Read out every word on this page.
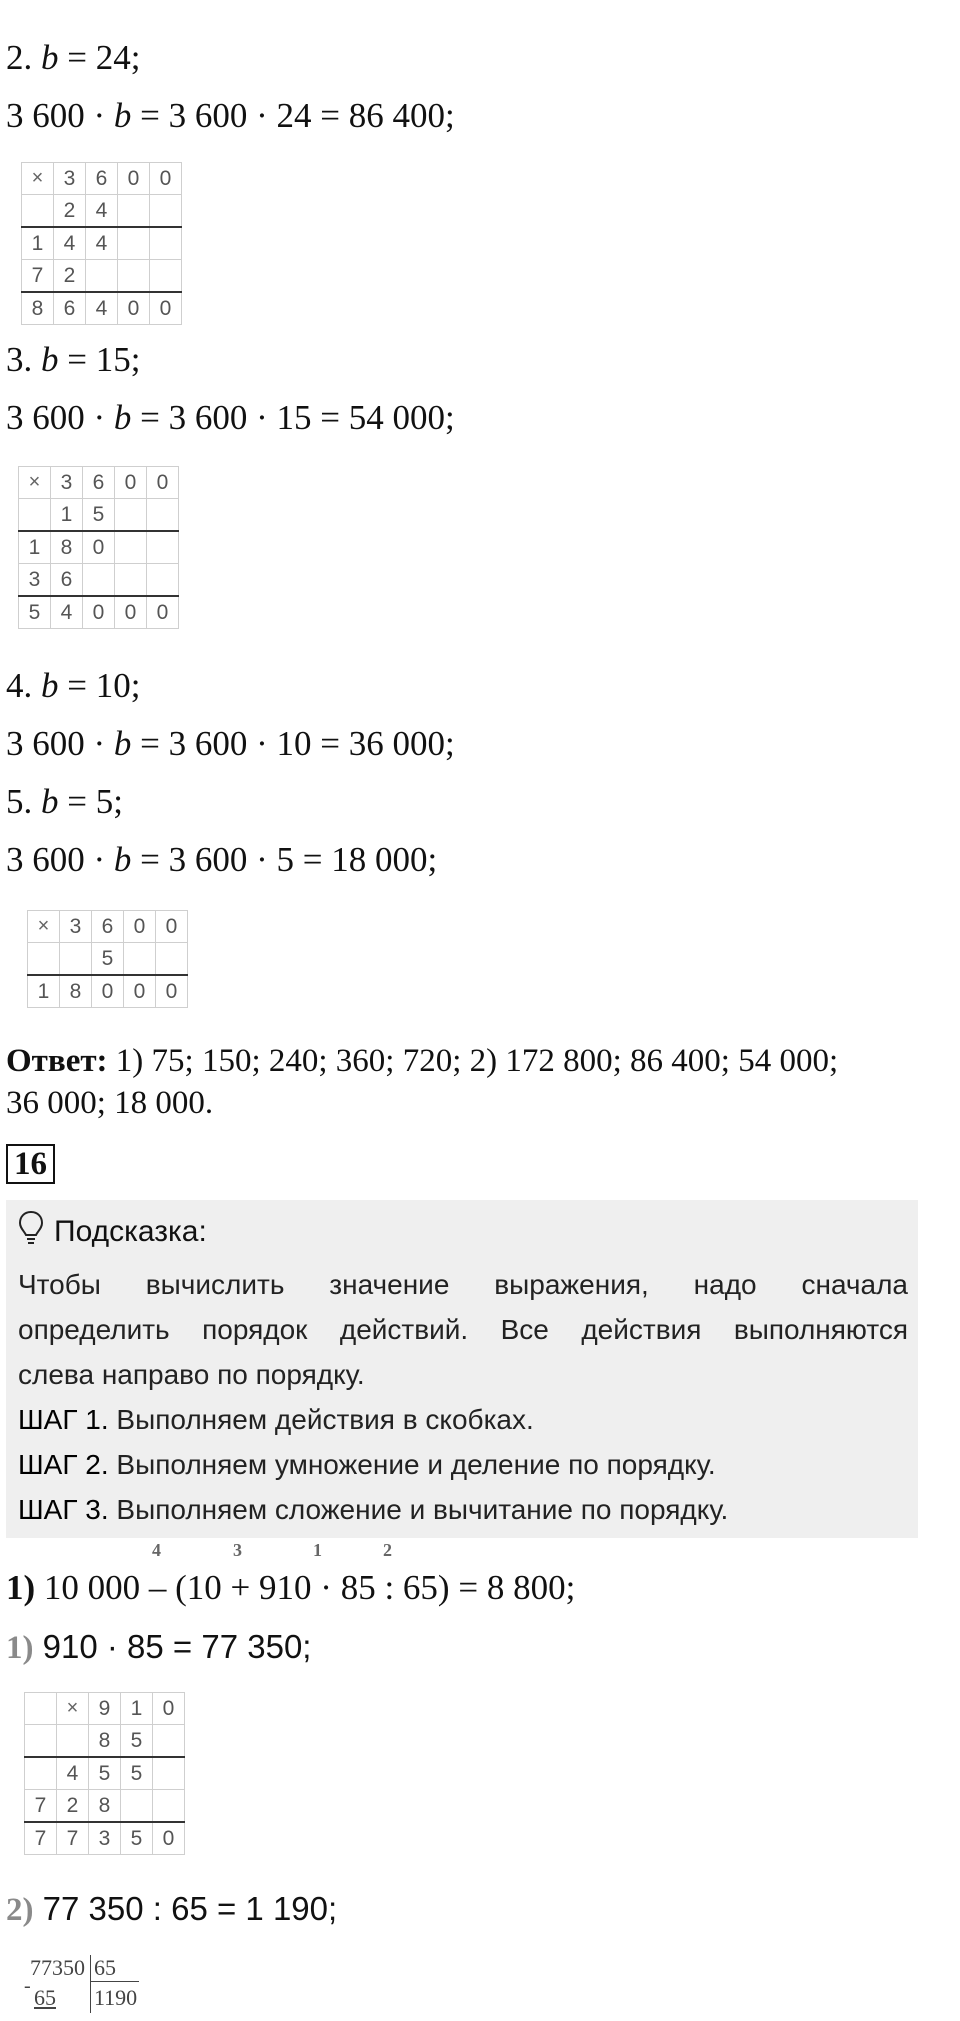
2. b = 24;
3 600 · b = 3 600 · 24 = 86 400;
×	3	6	0	0
	2	4		
1	4	4		
7	2			
8	6	4	0	0
3. b = 15;
3 600 · b = 3 600 · 15 = 54 000;
×	3	6	0	0
	1	5		
1	8	0		
3	6			
5	4	0	0	0
4. b = 10;
3 600 · b = 3 600 · 10 = 36 000;
5. b = 5;
3 600 · b = 3 600 · 5 = 18 000;
×	3	6	0	0
		5		
1	8	0	0	0
Ответ: 1) 75; 150; 240; 360; 720; 2) 172 800; 86 400; 54 000;
36 000; 18 000.
16
Подсказка:
Чтобы вычислить значение выражения, надо сначала
определить порядок действий. Все действия выполняются
слева направо по порядку.
ШАГ 1. Выполняем действия в скобках.
ШАГ 2. Выполняем умножение и деление по порядку.
ШАГ 3. Выполняем сложение и вычитание по порядку.
4	3	1	2
1) 10 000 – (10 + 910 · 85 : 65) = 8 800;
1) 910 · 85 = 77 350;
	×	9	1	0
		8	5	
	4	5	5	
7	2	8		
7	7	3	5	0
2) 77 350 : 65 = 1 190;
77350 65
- 65 1190
